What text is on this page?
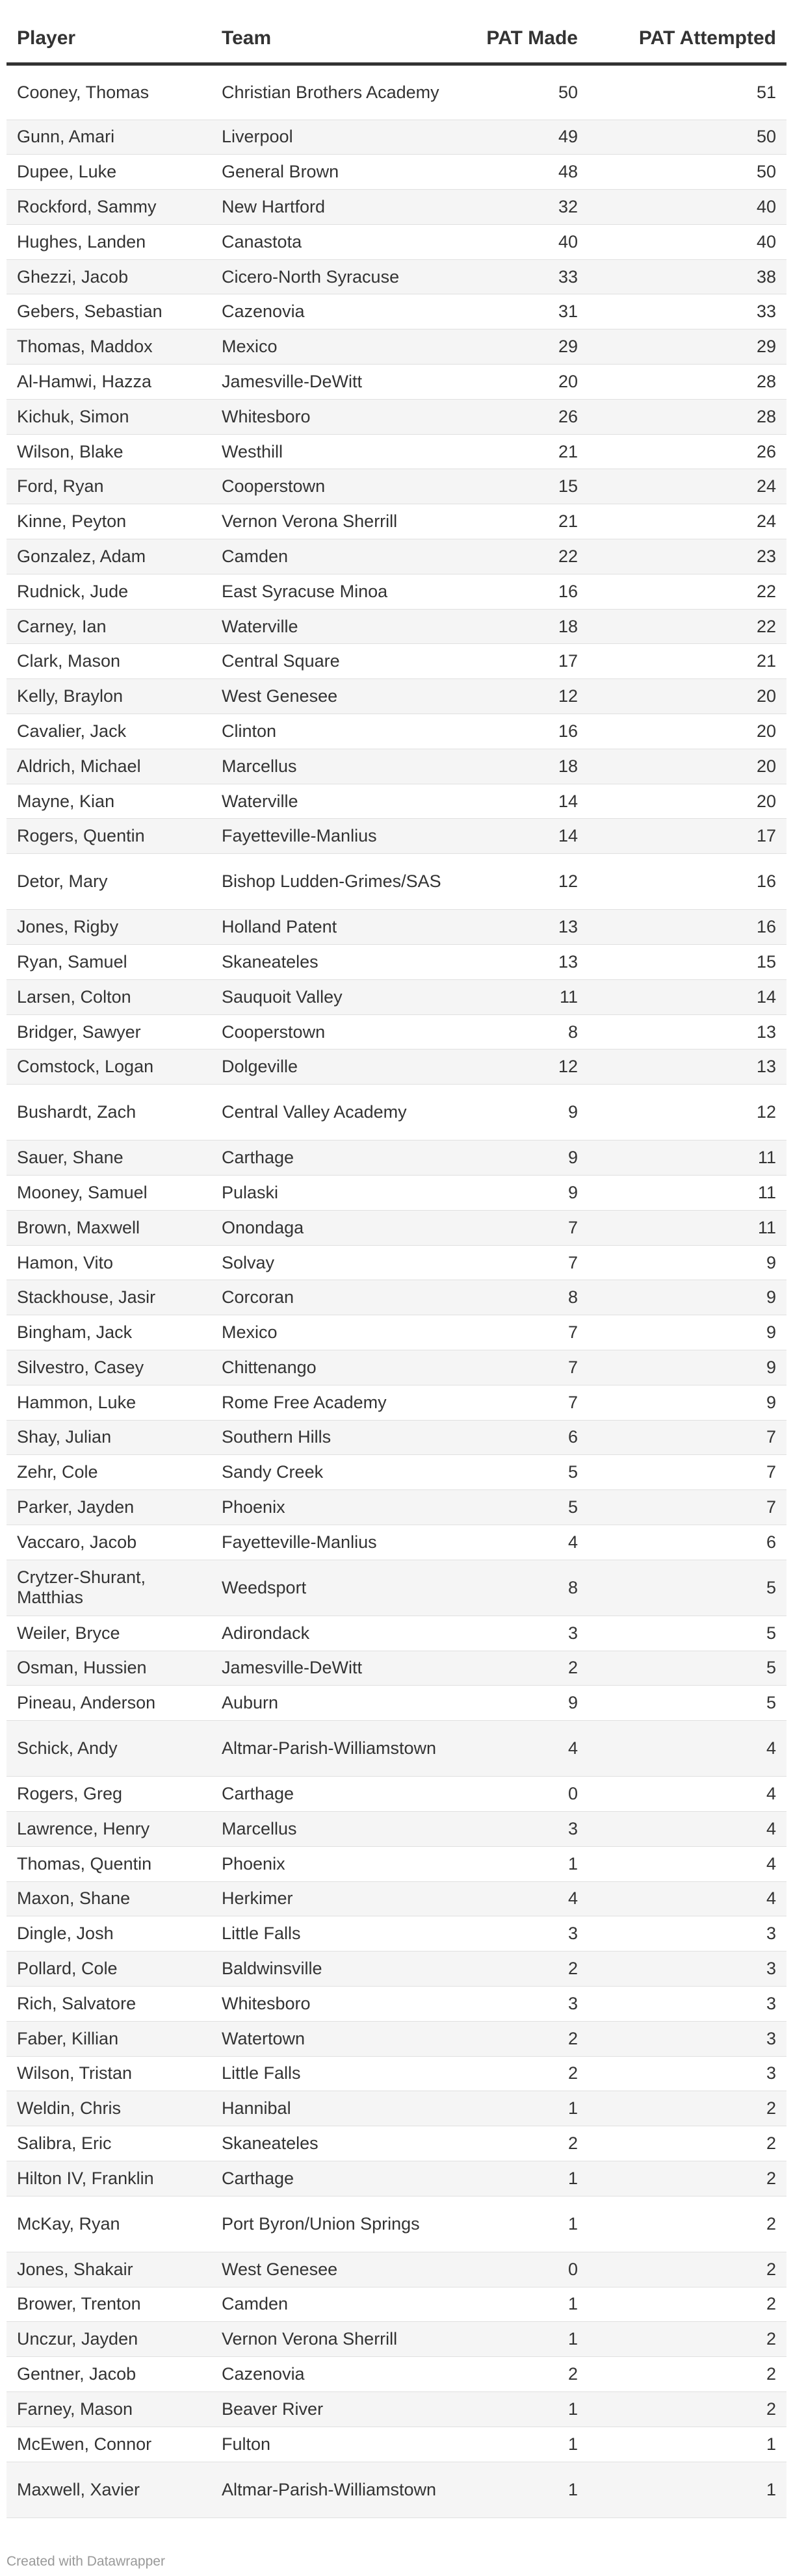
Player	Team	PAT Made	PAT Attempted
Cooney, Thomas	Christian Brothers Academy	50	51
Gunn, Amari	Liverpool	49	50
Dupee, Luke	General Brown	48	50
Rockford, Sammy	New Hartford	32	40
Hughes, Landen	Canastota	40	40
Ghezzi, Jacob	Cicero-North Syracuse	33	38
Gebers, Sebastian	Cazenovia	31	33
Thomas, Maddox	Mexico	29	29
Al-Hamwi, Hazza	Jamesville-DeWitt	20	28
Kichuk, Simon	Whitesboro	26	28
Wilson, Blake	Westhill	21	26
Ford, Ryan	Cooperstown	15	24
Kinne, Peyton	Vernon Verona Sherrill	21	24
Gonzalez, Adam	Camden	22	23
Rudnick, Jude	East Syracuse Minoa	16	22
Carney, Ian	Waterville	18	22
Clark, Mason	Central Square	17	21
Kelly, Braylon	West Genesee	12	20
Cavalier, Jack	Clinton	16	20
Aldrich, Michael	Marcellus	18	20
Mayne, Kian	Waterville	14	20
Rogers, Quentin	Fayetteville-Manlius	14	17
Detor, Mary	Bishop Ludden-Grimes/SAS	12	16
Jones, Rigby	Holland Patent	13	16
Ryan, Samuel	Skaneateles	13	15
Larsen, Colton	Sauquoit Valley	11	14
Bridger, Sawyer	Cooperstown	8	13
Comstock, Logan	Dolgeville	12	13
Bushardt, Zach	Central Valley Academy	9	12
Sauer, Shane	Carthage	9	11
Mooney, Samuel	Pulaski	9	11
Brown, Maxwell	Onondaga	7	11
Hamon, Vito	Solvay	7	9
Stackhouse, Jasir	Corcoran	8	9
Bingham, Jack	Mexico	7	9
Silvestro, Casey	Chittenango	7	9
Hammon, Luke	Rome Free Academy	7	9
Shay, Julian	Southern Hills	6	7
Zehr, Cole	Sandy Creek	5	7
Parker, Jayden	Phoenix	5	7
Vaccaro, Jacob	Fayetteville-Manlius	4	6
Crytzer-Shurant, Matthias	Weedsport	8	5
Weiler, Bryce	Adirondack	3	5
Osman, Hussien	Jamesville-DeWitt	2	5
Pineau, Anderson	Auburn	9	5
Schick, Andy	Altmar-Parish-Williamstown	4	4
Rogers, Greg	Carthage	0	4
Lawrence, Henry	Marcellus	3	4
Thomas, Quentin	Phoenix	1	4
Maxon, Shane	Herkimer	4	4
Dingle, Josh	Little Falls	3	3
Pollard, Cole	Baldwinsville	2	3
Rich, Salvatore	Whitesboro	3	3
Faber, Killian	Watertown	2	3
Wilson, Tristan	Little Falls	2	3
Weldin, Chris	Hannibal	1	2
Salibra, Eric	Skaneateles	2	2
Hilton IV, Franklin	Carthage	1	2
McKay, Ryan	Port Byron/Union Springs	1	2
Jones, Shakair	West Genesee	0	2
Brower, Trenton	Camden	1	2
Unczur, Jayden	Vernon Verona Sherrill	1	2
Gentner, Jacob	Cazenovia	2	2
Farney, Mason	Beaver River	1	2
McEwen, Connor	Fulton	1	1
Maxwell, Xavier	Altmar-Parish-Williamstown	1	1
Created with Datawrapper
